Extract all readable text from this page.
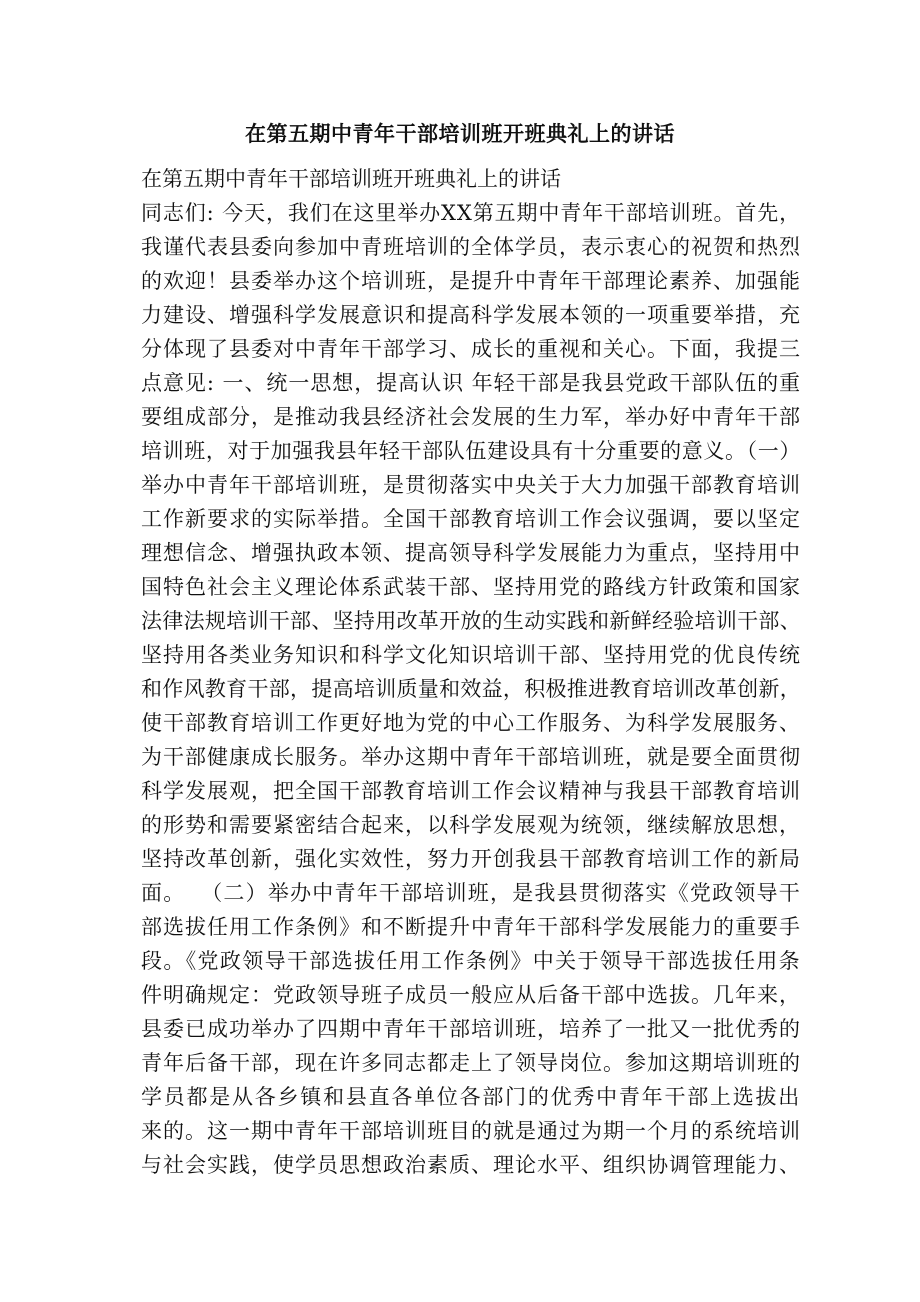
在第五期中青年干部培训班开班典礼上的讲话
在第五期中青年干部培训班开班典礼上的讲话
同志们: 今天，我们在这里举办XX第五期中青年干部培训班。首先，
我谨代表县委向参加中青班培训的全体学员，表示衷心的祝贺和热烈
的欢迎！县委举办这个培训班，是提升中青年干部理论素养、加强能
力建设、增强科学发展意识和提高科学发展本领的一项重要举措，充
分体现了县委对中青年干部学习、成长的重视和关心。下面，我提三
点意见: 一、统一思想，提高认识 年轻干部是我县党政干部队伍的重
要组成部分，是推动我县经济社会发展的生力军，举办好中青年干部
培训班，对于加强我县年轻干部队伍建设具有十分重要的意义。（一）
举办中青年干部培训班，是贯彻落实中央关于大力加强干部教育培训
工作新要求的实际举措。全国干部教育培训工作会议强调，要以坚定
理想信念、增强执政本领、提高领导科学发展能力为重点，坚持用中
国特色社会主义理论体系武装干部、坚持用党的路线方针政策和国家
法律法规培训干部、坚持用改革开放的生动实践和新鲜经验培训干部、
坚持用各类业务知识和科学文化知识培训干部、坚持用党的优良传统
和作风教育干部，提高培训质量和效益，积极推进教育培训改革创新，
使干部教育培训工作更好地为党的中心工作服务、为科学发展服务、
为干部健康成长服务。举办这期中青年干部培训班，就是要全面贯彻
科学发展观，把全国干部教育培训工作会议精神与我县干部教育培训
的形势和需要紧密结合起来，以科学发展观为统领，继续解放思想，
坚持改革创新，强化实效性，努力开创我县干部教育培训工作的新局
面。  （二）举办中青年干部培训班，是我县贯彻落实《党政领导干
部选拔任用工作条例》和不断提升中青年干部科学发展能力的重要手
段。《党政领导干部选拔任用工作条例》中关于领导干部选拔任用条
件明确规定：党政领导班子成员一般应从后备干部中选拔。几年来，
县委已成功举办了四期中青年干部培训班，培养了一批又一批优秀的
青年后备干部，现在许多同志都走上了领导岗位。参加这期培训班的
学员都是从各乡镇和县直各单位各部门的优秀中青年干部上选拔出
来的。这一期中青年干部培训班目的就是通过为期一个月的系统培训
与社会实践，使学员思想政治素质、理论水平、组织协调管理能力、
